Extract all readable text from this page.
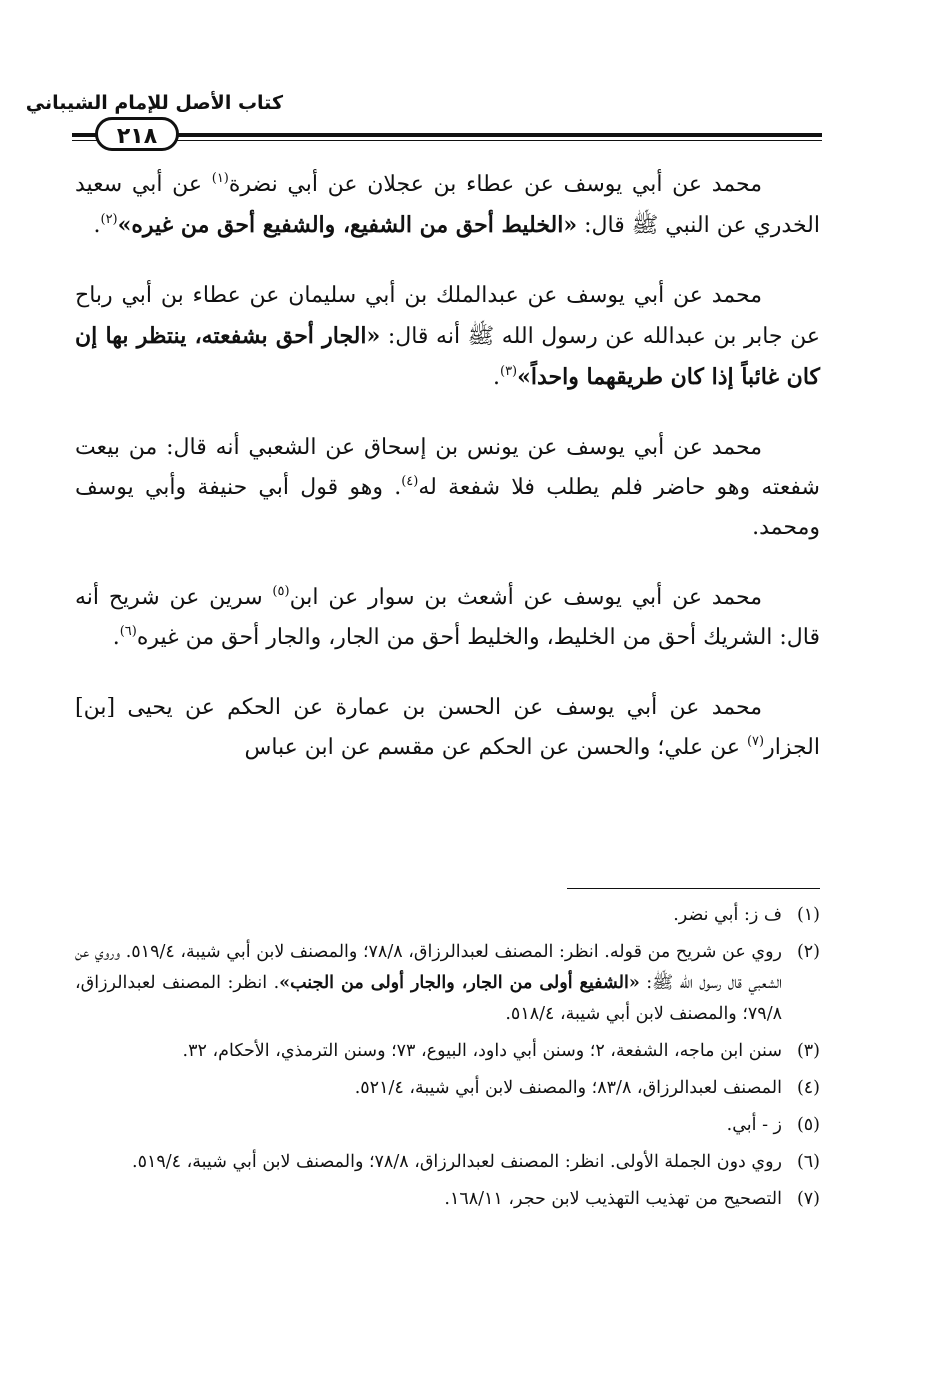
كتاب الأصل للإمام الشيباني
٢١٨

محمد عن أبي يوسف عن عطاء بن عجلان عن أبي نضرة$^{(١)}$ عن أبي سعيد الخدري عن النبي ﷺ قال: «الخليط أحق من الشفيع، والشفيع أحق من غيره»$^{(٢)}$.

محمد عن أبي يوسف عن عبدالملك بن أبي سليمان عن عطاء بن أبي رباح عن جابر بن عبدالله عن رسول الله ﷺ أنه قال: «الجار أحق بشفعته، ينتظر بها إن كان غائباً إذا كان طريقهما واحداً»$^{(٣)}$.

محمد عن أبي يوسف عن يونس بن إسحاق عن الشعبي أنه قال: من بيعت شفعته وهو حاضر فلم يطلب فلا شفعة له$^{(٤)}$. وهو قول أبي حنيفة وأبي يوسف ومحمد.

محمد عن أبي يوسف عن أشعث بن سوار عن ابن$^{(٥)}$ سرين عن شريح أنه قال: الشريك أحق من الخليط، والخليط أحق من الجار، والجار أحق من غيره$^{(٦)}$.

محمد عن أبي يوسف عن الحسن بن عمارة عن الحكم عن يحيى [بن] الجزار$^{(٧)}$ عن علي؛ والحسن عن الحكم عن مقسم عن ابن عباس

(١)
ف ز: أبي نضر.
(٢)
روي عن شريح من قوله. انظر: المصنف لعبدالرزاق، ٧٨/٨؛ والمصنف لابن أبي شيبة، ٥١٩/٤. وروي عن الشعبي قال رسول الله ﷺ: «الشفيع أولى من الجار، والجار أولى من الجنب». انظر: المصنف لعبدالرزاق، ٧٩/٨؛ والمصنف لابن أبي شيبة، ٥١٨/٤.
(٣)
سنن ابن ماجه، الشفعة، ٢؛ وسنن أبي داود، البيوع، ٧٣؛ وسنن الترمذي، الأحكام، ٣٢.
(٤)
المصنف لعبدالرزاق، ٨٣/٨؛ والمصنف لابن أبي شيبة، ٥٢١/٤.
(٥)
ز - أبي.
(٦)
روي دون الجملة الأولى. انظر: المصنف لعبدالرزاق، ٧٨/٨؛ والمصنف لابن أبي شيبة، ٥١٩/٤.
(٧)
التصحيح من تهذيب التهذيب لابن حجر، ١٦٨/١١.
